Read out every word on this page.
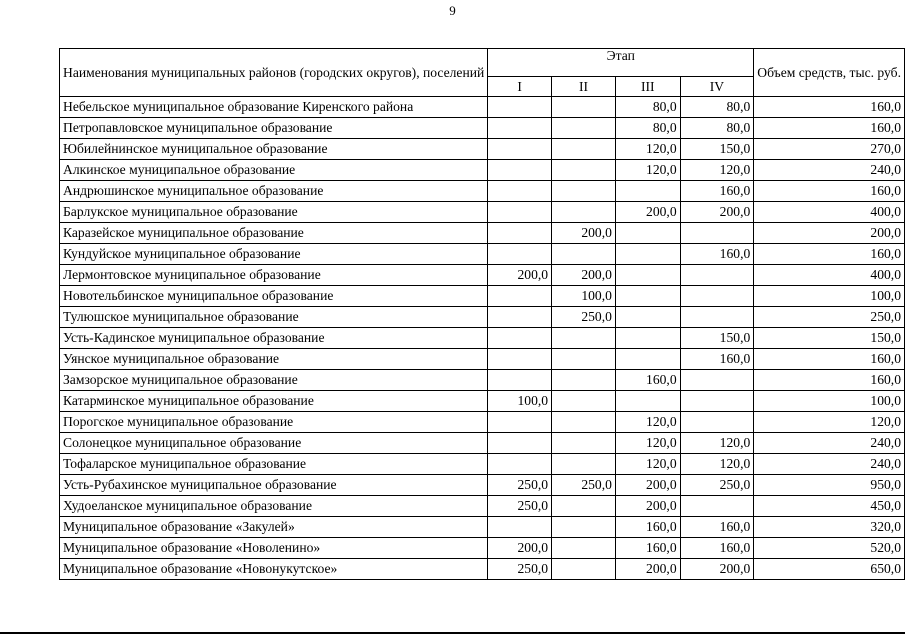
9
Наименования муниципальных районов (городских округов), поселений	Этап				Объем средств, тыс. руб.
	I	II	III	IV	
Небельское муниципальное образование Киренского района			80,0	80,0	160,0
Петропавловское муниципальное образование			80,0	80,0	160,0
Юбилейнинское муниципальное образование			120,0	150,0	270,0
Алкинское муниципальное образование			120,0	120,0	240,0
Андрюшинское муниципальное образование				160,0	160,0
Барлукское муниципальное образование			200,0	200,0	400,0
Каразейское муниципальное образование		200,0			200,0
Кундуйское муниципальное образование				160,0	160,0
Лермонтовское муниципальное образование	200,0	200,0			400,0
Новотельбинское муниципальное образование		100,0			100,0
Тулюшское муниципальное образование		250,0			250,0
Усть-Кадинское муниципальное образование				150,0	150,0
Уянское муниципальное образование				160,0	160,0
Замзорское муниципальное образование			160,0		160,0
Катарминское муниципальное образование	100,0				100,0
Порогское муниципальное образование			120,0		120,0
Солонецкое муниципальное образование			120,0	120,0	240,0
Тофаларское муниципальное образование			120,0	120,0	240,0
Усть-Рубахинское муниципальное образование	250,0	250,0	200,0	250,0	950,0
Худоеланское муниципальное образование	250,0		200,0		450,0
Муниципальное образование «Закулей»			160,0	160,0	320,0
Муниципальное образование «Новоленино»	200,0		160,0	160,0	520,0
Муниципальное образование «Новонукутское»	250,0		200,0	200,0	650,0
